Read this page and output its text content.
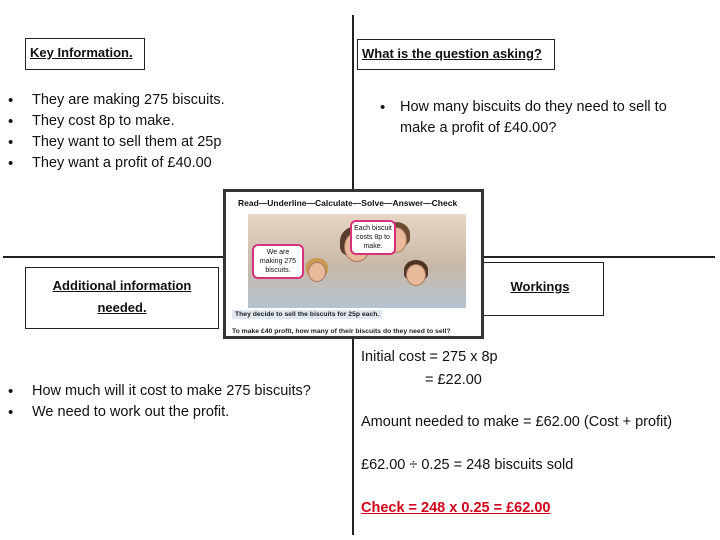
Key Information.
• They are making 275 biscuits.
• They cost 8p to make.
• They want to sell them at 25p
• They want a profit of £40.00
What is the question asking?
• How many biscuits do they need to sell to make a profit of £40.00?
Additional information needed.
• How much will it cost to make 275 biscuits?
• We need to work out the profit.
Workings
Initial cost = 275 x 8p
= £22.00
Amount needed to make = £62.00 (Cost + profit)
£62.00 ÷ 0.25 = 248 biscuits sold
Check = 248 x 0.25 = £62.00
Read—Underline—Calculate—Solve—Answer—Check
We are making 275 biscuits.
Each biscuit costs 8p to make.
They decide to sell the biscuits for 25p each.
To make £40 profit, how many of their biscuits do they need to sell?
